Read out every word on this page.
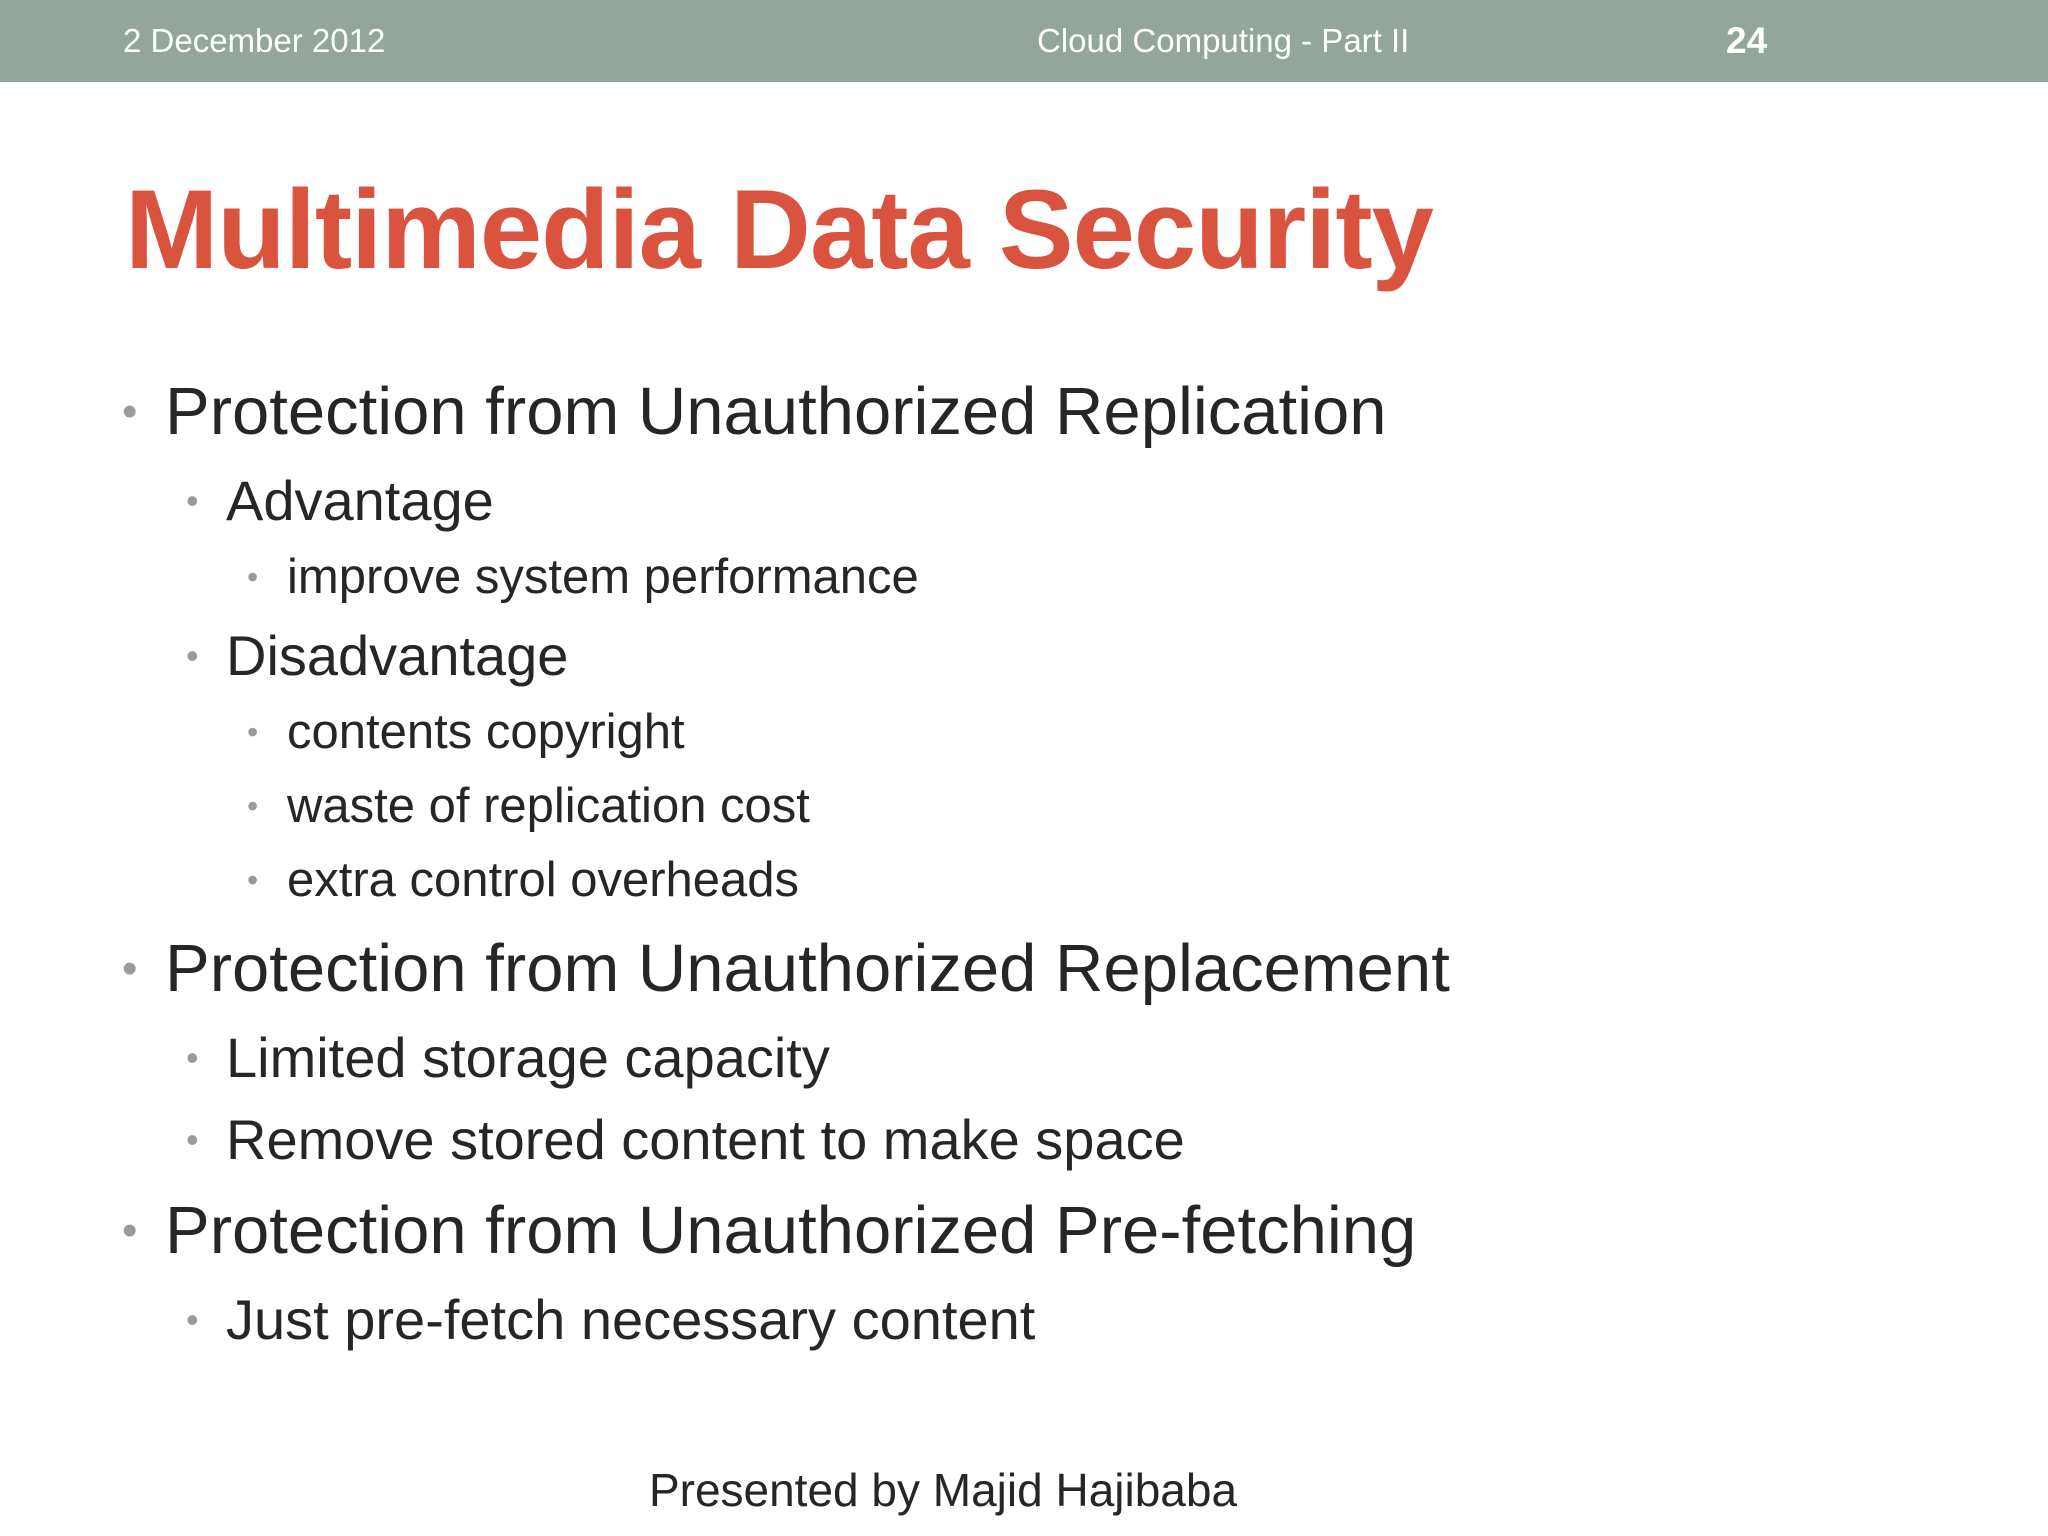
2 December 2012	Cloud Computing - Part II	24
Multimedia Data Security
• Protection from Unauthorized Replication
• Advantage
• improve system performance
• Disadvantage
• contents copyright
• waste of replication cost
• extra control overheads
• Protection from Unauthorized Replacement
• Limited storage capacity
• Remove stored content to make space
• Protection from Unauthorized Pre-fetching
• Just pre-fetch necessary content
Presented by Majid Hajibaba
